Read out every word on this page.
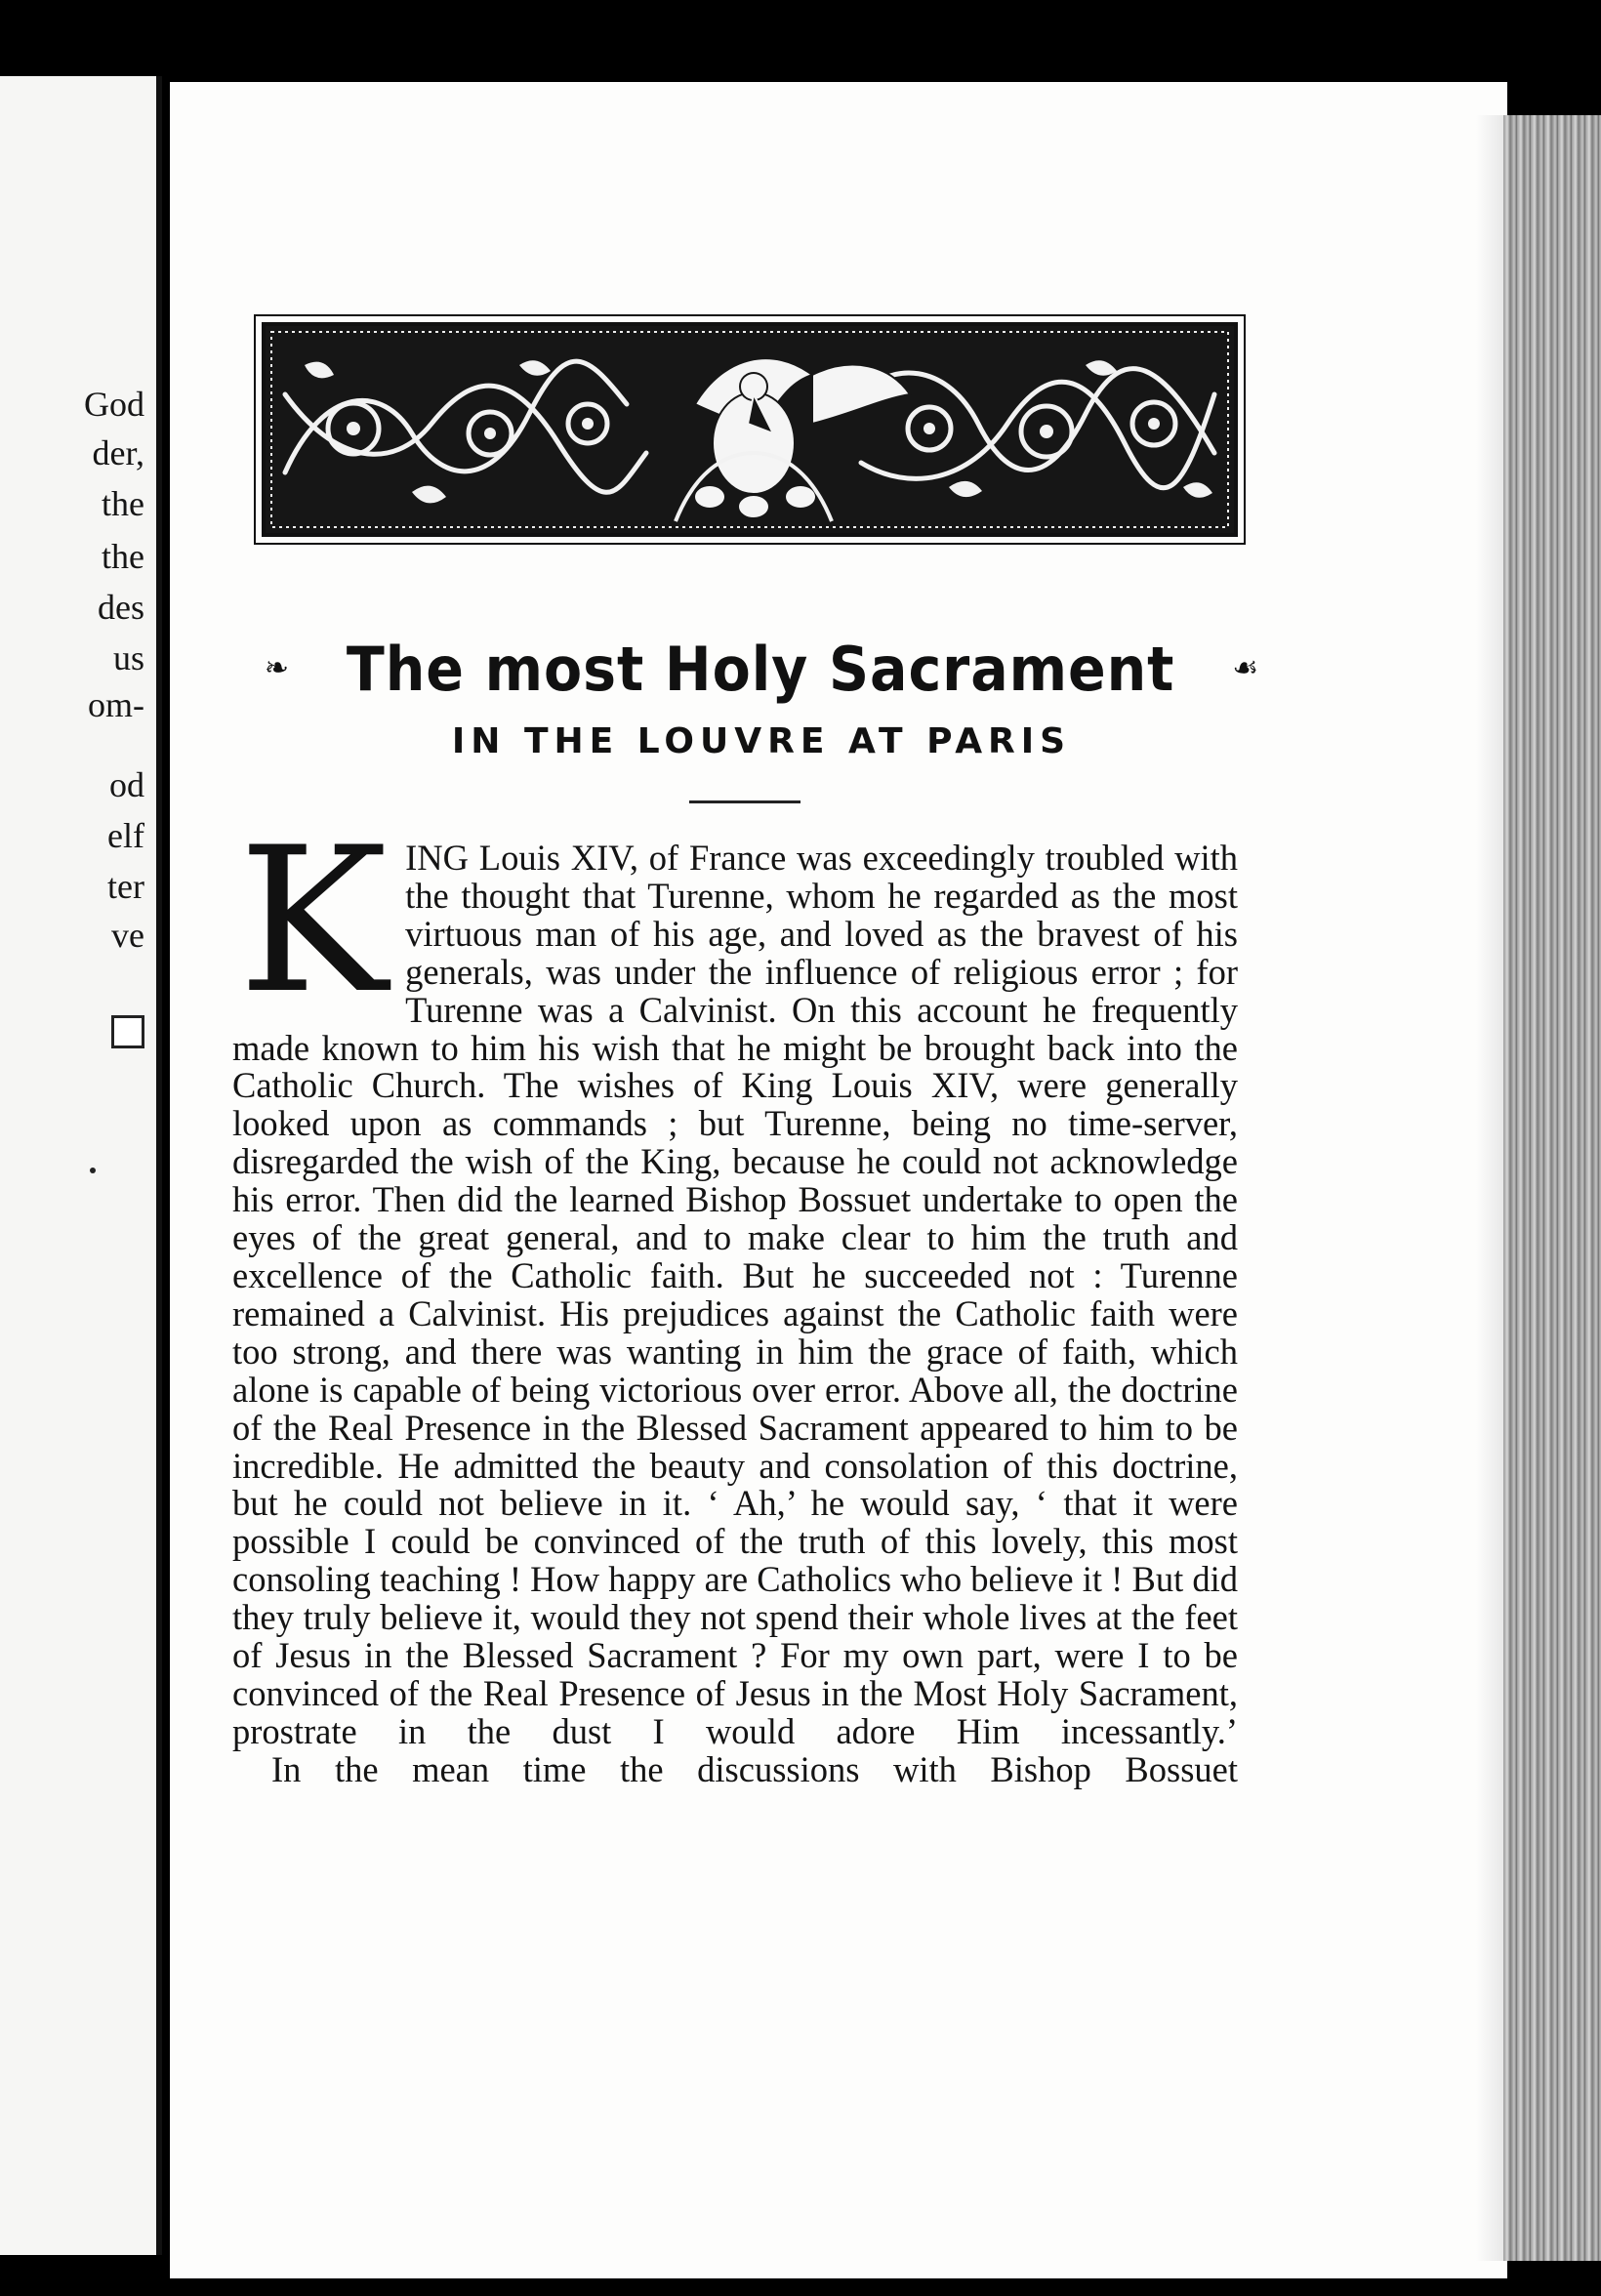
God

der,

the

the

des

us

om-

od

elf

ter

ve

❧ The most Holy Sacrament ☙
IN THE LOUVRE AT PARIS
K ING Louis XIV, of France was exceedingly troubled with the thought that Turenne, whom he regarded as the most virtuous man of his age, and loved as the bravest of his generals, was under the influence of religious error ; for Turenne was a Calvinist. On this account he frequently made known to him his wish that he might be brought back into the Catholic Church. The wishes of King Louis XIV, were generally looked upon as commands ; but Turenne, being no time-server, disregarded the wish of the King, because he could not acknowledge his error. Then did the learned Bishop Bossuet undertake to open the eyes of the great general, and to make clear to him the truth and excellence of the Catholic faith. But he succeeded not : Turenne remained a Calvinist. His prejudices against the Catholic faith were too strong, and there was wanting in him the grace of faith, which alone is capable of being victorious over error. Above all, the doctrine of the Real Presence in the Blessed Sacrament appeared to him to be incredible. He admitted the beauty and consolation of this doctrine, but he could not believe in it. ‘ Ah,’ he would say, ‘ that it were possible I could be convinced of the truth of this lovely, this most consoling teaching ! How happy are Catholics who believe it ! But did they truly believe it, would they not spend their whole lives at the feet of Jesus in the Blessed Sacrament ? For my own part, were I to be convinced of the Real Presence of Jesus in the Most Holy Sacrament, prostrate in the dust I would adore Him incessantly.’

In the mean time the discussions with Bishop Bossuet
